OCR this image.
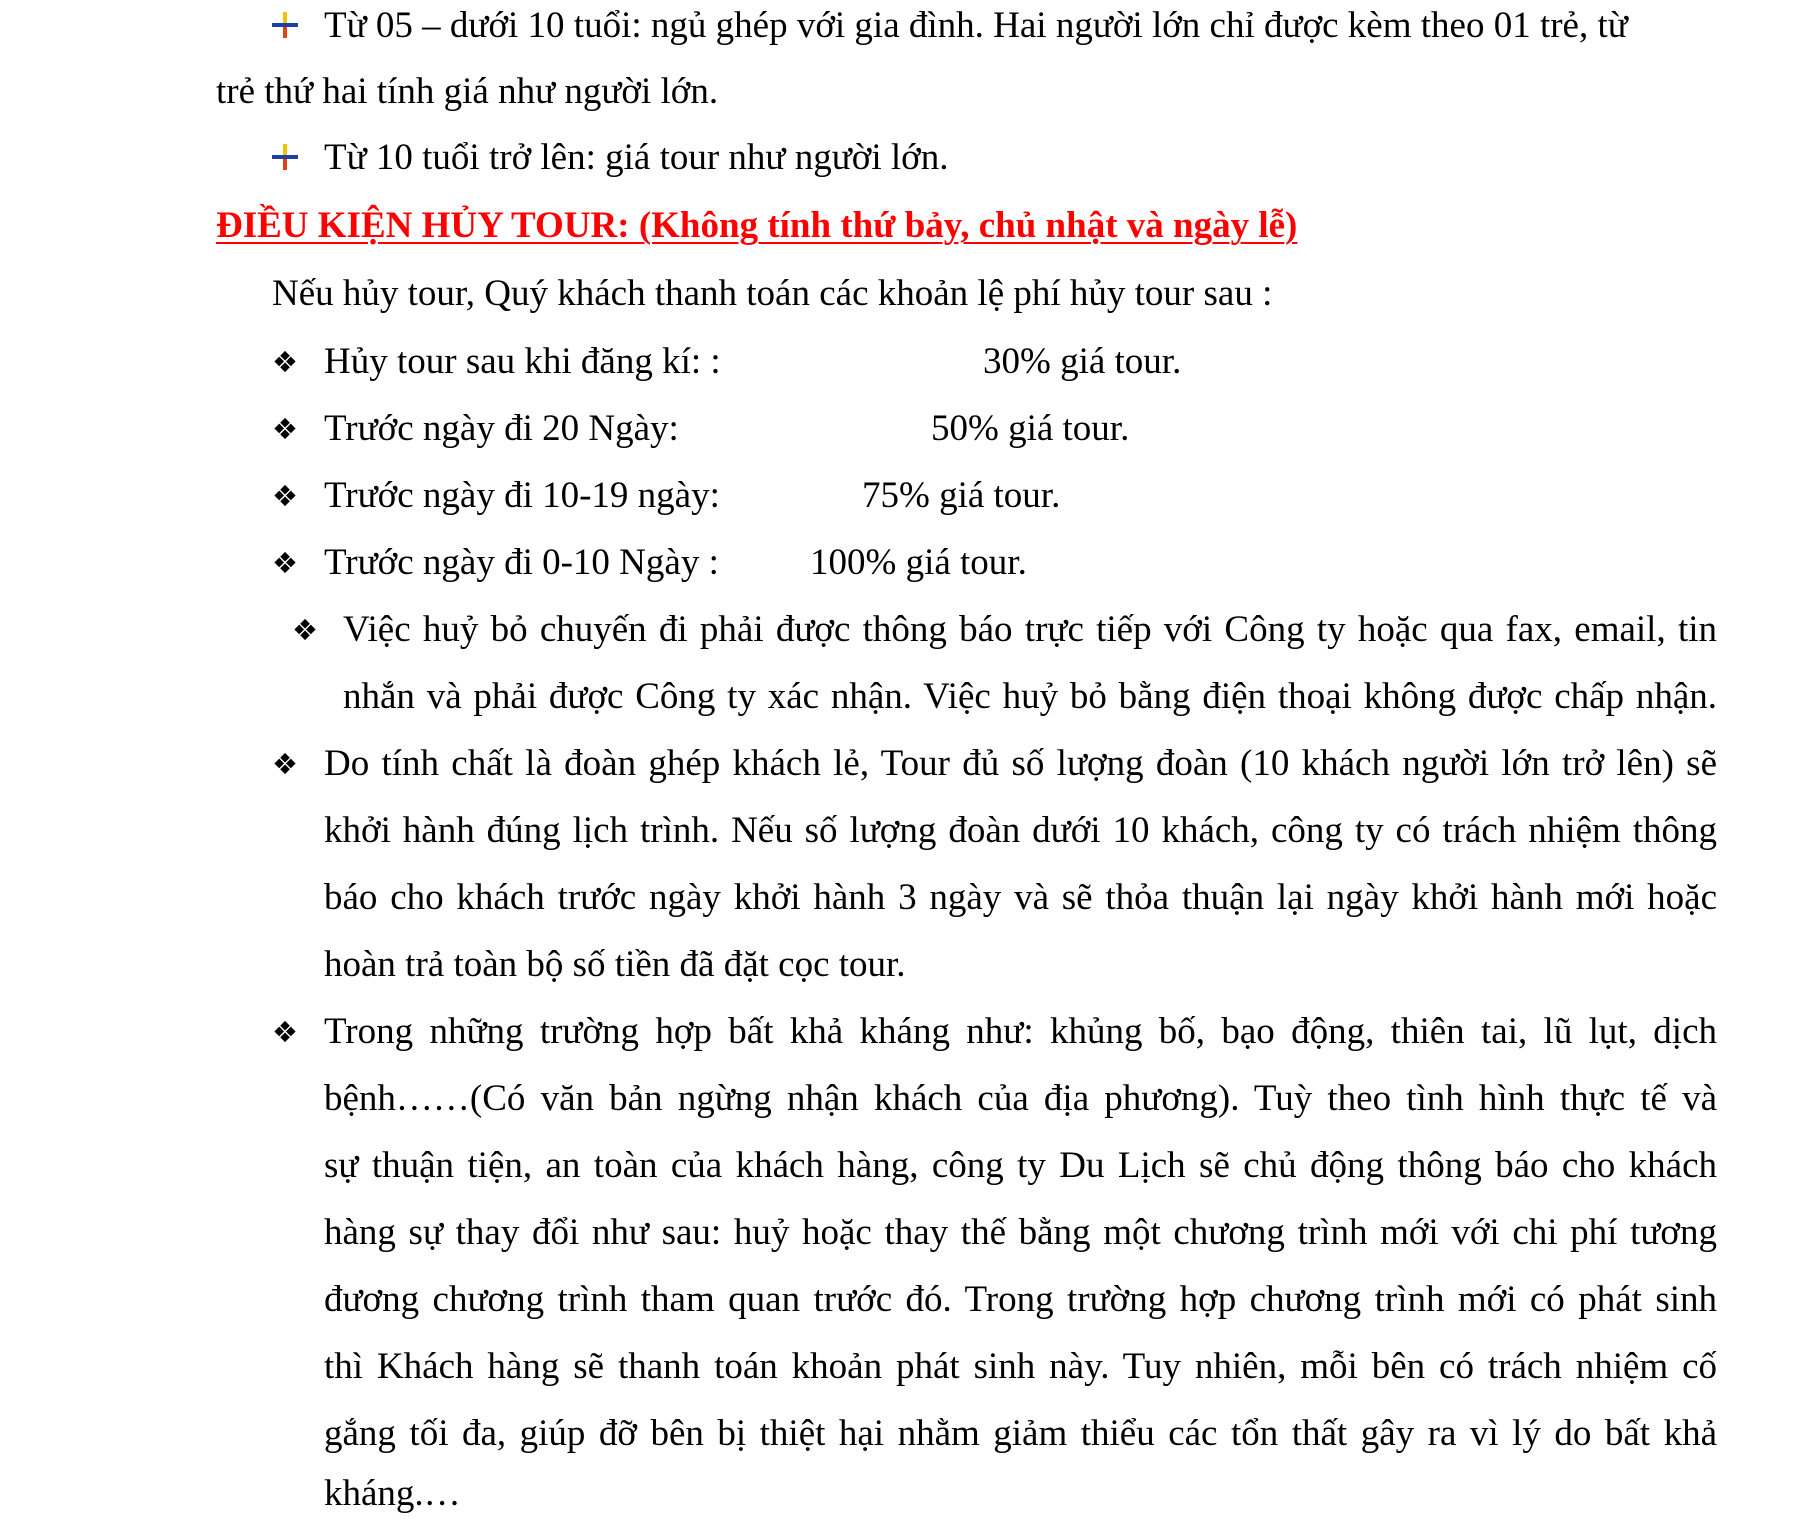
Từ 05 – dưới 10 tuổi: ngủ ghép với gia đình. Hai người lớn chỉ được kèm theo 01 trẻ, từ
trẻ thứ hai tính giá như người lớn.
Từ 10 tuổi trở lên: giá tour như người lớn.
ĐIỀU KIỆN HỦY TOUR: (Không tính thứ bảy, chủ nhật và ngày lễ)
Nếu hủy tour, Quý khách thanh toán các khoản lệ phí hủy tour sau :
❖ Hủy tour sau khi đăng kí: :	30% giá tour.
❖ Trước ngày đi 20 Ngày:	50% giá tour.
❖ Trước ngày đi 10-19 ngày:	75% giá tour.
❖ Trước ngày đi 0-10 Ngày : 100% giá tour.
❖ Việc huỷ bỏ chuyến đi phải được thông báo trực tiếp với Công ty hoặc qua fax, email, tin
nhắn và phải được Công ty xác nhận. Việc huỷ bỏ bằng điện thoại không được chấp nhận.
❖ Do tính chất là đoàn ghép khách lẻ, Tour đủ số lượng đoàn (10 khách người lớn trở lên) sẽ
khởi hành đúng lịch trình. Nếu số lượng đoàn dưới 10 khách, công ty có trách nhiệm thông
báo cho khách trước ngày khởi hành 3 ngày và sẽ thỏa thuận lại ngày khởi hành mới hoặc
hoàn trả toàn bộ số tiền đã đặt cọc tour.
❖ Trong những trường hợp bất khả kháng như: khủng bố, bạo động, thiên tai, lũ lụt, dịch
bệnh……(Có văn bản ngừng nhận khách của địa phương). Tuỳ theo tình hình thực tế và
sự thuận tiện, an toàn của khách hàng, công ty Du Lịch sẽ chủ động thông báo cho khách
hàng sự thay đổi như sau: huỷ hoặc thay thế bằng một chương trình mới với chi phí tương
đương chương trình tham quan trước đó. Trong trường hợp chương trình mới có phát sinh
thì Khách hàng sẽ thanh toán khoản phát sinh này. Tuy nhiên, mỗi bên có trách nhiệm cố
gắng tối đa, giúp đỡ bên bị thiệt hại nhằm giảm thiểu các tổn thất gây ra vì lý do bất khả
kháng.…
